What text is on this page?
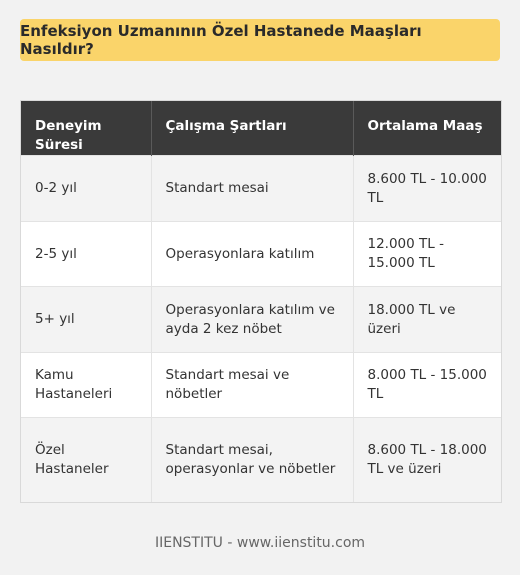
Enfeksiyon Uzmanının Özel Hastanede Maaşları Nasıldır?
Deneyim Süresi	Çalışma Şartları	Ortalama Maaş
0-2 yıl	Standart mesai	8.600 TL - 10.000 TL
2-5 yıl	Operasyonlara katılım	12.000 TL - 15.000 TL
5+ yıl	Operasyonlara katılım ve ayda 2 kez nöbet	18.000 TL ve üzeri
Kamu Hastaneleri	Standart mesai ve nöbetler	8.000 TL - 15.000 TL
Özel Hastaneler	Standart mesai, operasyonlar ve nöbetler	8.600 TL - 18.000 TL ve üzeri
IIENSTITU - www.iienstitu.com
